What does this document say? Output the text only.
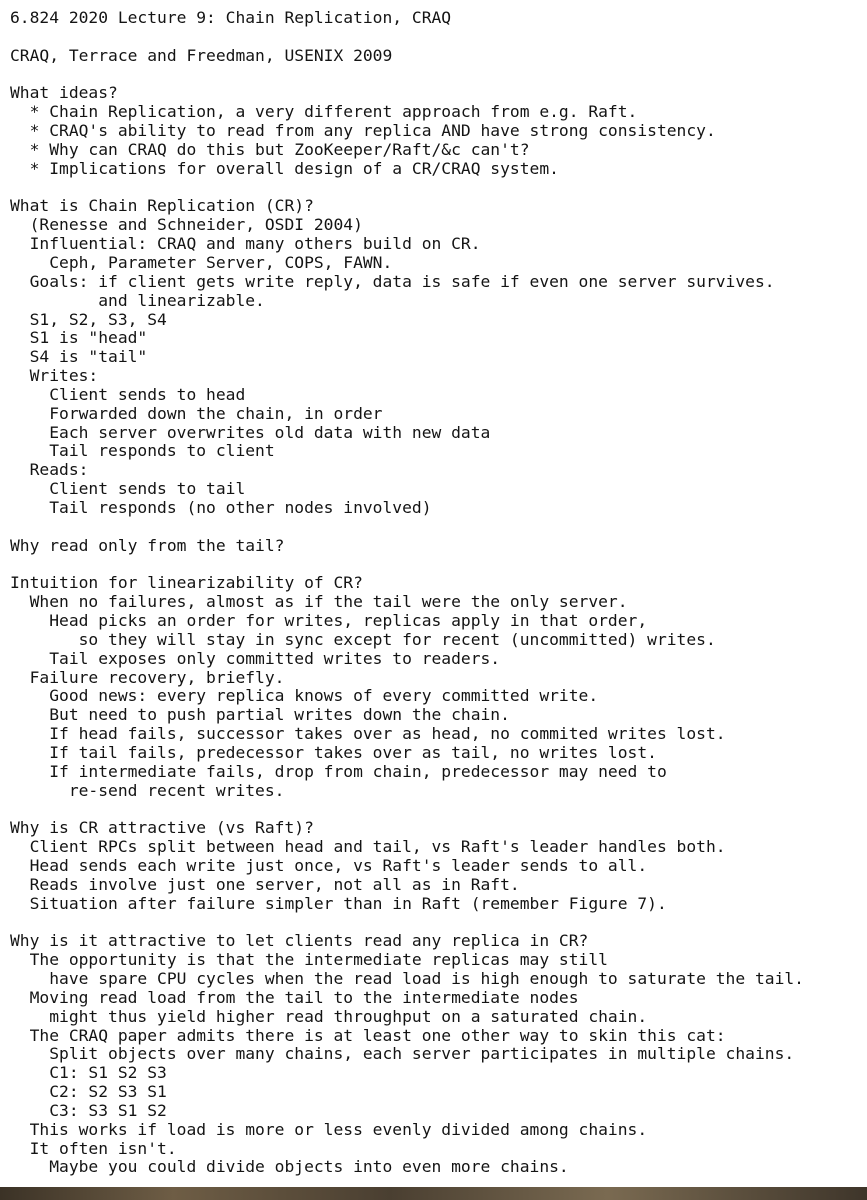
6.824 2020 Lecture 9: Chain Replication, CRAQ
CRAQ, Terrace and Freedman, USENIX 2009
What ideas?
* Chain Replication, a very different approach from e.g. Raft.
* CRAQ's ability to read from any replica AND have strong consistency.
* Why can CRAQ do this but ZooKeeper/Raft/&c can't?
* Implications for overall design of a CR/CRAQ system.
What is Chain Replication (CR)?
(Renesse and Schneider, OSDI 2004)
Influential: CRAQ and many others build on CR.
Ceph, Parameter Server, COPS, FAWN.
Goals: if client gets write reply, data is safe if even one server survives.
and linearizable.
S1, S2, S3, S4
S1 is "head"
S4 is "tail"
Writes:
Client sends to head
Forwarded down the chain, in order
Each server overwrites old data with new data
Tail responds to client
Reads:
Client sends to tail
Tail responds (no other nodes involved)
Why read only from the tail?
Intuition for linearizability of CR?
When no failures, almost as if the tail were the only server.
Head picks an order for writes, replicas apply in that order,
so they will stay in sync except for recent (uncommitted) writes.
Tail exposes only committed writes to readers.
Failure recovery, briefly.
Good news: every replica knows of every committed write.
But need to push partial writes down the chain.
If head fails, successor takes over as head, no commited writes lost.
If tail fails, predecessor takes over as tail, no writes lost.
If intermediate fails, drop from chain, predecessor may need to
re-send recent writes.
Why is CR attractive (vs Raft)?
Client RPCs split between head and tail, vs Raft's leader handles both.
Head sends each write just once, vs Raft's leader sends to all.
Reads involve just one server, not all as in Raft.
Situation after failure simpler than in Raft (remember Figure 7).
Why is it attractive to let clients read any replica in CR?
The opportunity is that the intermediate replicas may still
have spare CPU cycles when the read load is high enough to saturate the tail.
Moving read load from the tail to the intermediate nodes
might thus yield higher read throughput on a saturated chain.
The CRAQ paper admits there is at least one other way to skin this cat:
Split objects over many chains, each server participates in multiple chains.
C1: S1 S2 S3
C2: S2 S3 S1
C3: S3 S1 S2
This works if load is more or less evenly divided among chains.
It often isn't.
Maybe you could divide objects into even more chains.
